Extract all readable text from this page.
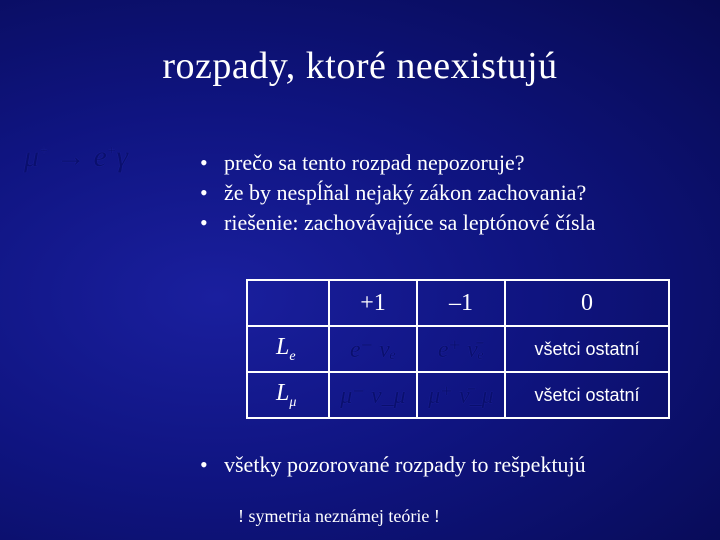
rozpady, ktoré neexistujú
μ+ → e+γ	• prečo sa tento rozpad nepozoruje?
• že by nespĺňal nejaký zákon zachovania?
• riešenie: zachovávajúce sa leptónové čísla
	+1	–1	0
$L_e$	e⁻ νₑ	e⁺ ν̄ₑ	všetci ostatní
$L_\mu$	μ⁻ ν_μ	μ⁺ ν̄_μ	všetci ostatní
• všetky pozorované rozpady to rešpektujú
! symetria neznámej teórie !
